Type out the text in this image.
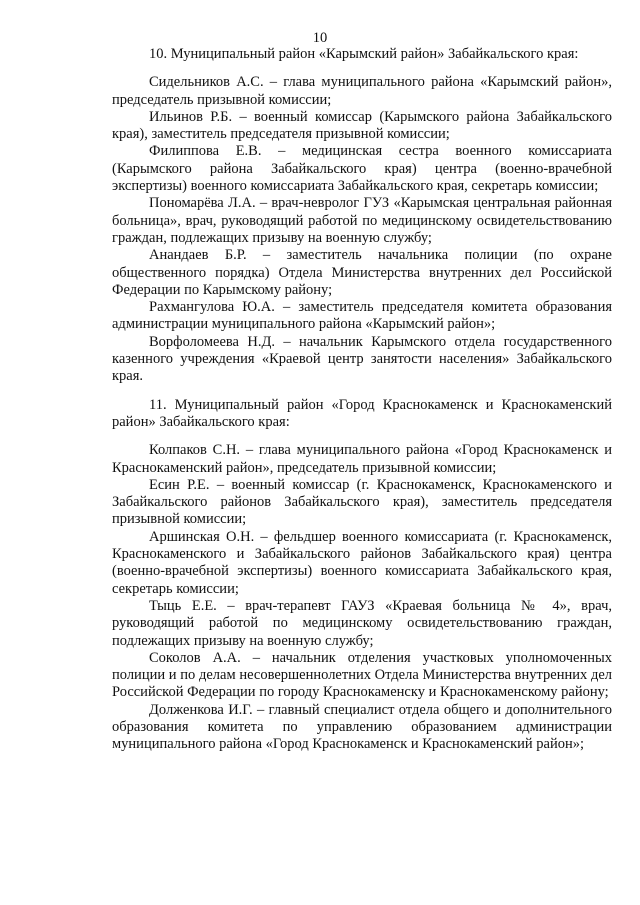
10

10. Муниципальный район «Карымский район» Забайкальского края:

Сидельников А.С. – глава муниципального района «Карымский район», председатель призывной комиссии;

Ильинов Р.Б. – военный комиссар (Карымского района Забайкальского края), заместитель председателя призывной комиссии;

Филиппова Е.В. – медицинская сестра военного комиссариата (Карымского района Забайкальского края) центра (военно-врачебной экспертизы) военного комиссариата Забайкальского края, секретарь комиссии;

Пономарёва Л.А. – врач-невролог ГУЗ «Карымская центральная районная больница», врач, руководящий работой по медицинскому освидетельствованию граждан, подлежащих призыву на военную службу;

Анандаев Б.Р. – заместитель начальника полиции (по охране общественного порядка) Отдела Министерства внутренних дел Российской Федерации по Карымскому району;

Рахмангулова Ю.А. – заместитель председателя комитета образования администрации муниципального района «Карымский район»;

Ворфоломеева Н.Д. – начальник Карымского отдела государственного казенного учреждения «Краевой центр занятости населения» Забайкальского края.

11. Муниципальный район «Город Краснокаменск и Краснокаменский район» Забайкальского края:

Колпаков С.Н. – глава муниципального района «Город Краснокаменск и Краснокаменский район», председатель призывной комиссии;

Есин Р.Е. – военный комиссар (г. Краснокаменск, Краснокаменского и Забайкальского районов Забайкальского края), заместитель председателя призывной комиссии;

Аршинская О.Н. – фельдшер военного комиссариата (г. Краснокаменск, Краснокаменского и Забайкальского районов Забайкальского края) центра (военно-врачебной экспертизы) военного комиссариата Забайкальского края, секретарь комиссии;

Тыць Е.Е. – врач-терапевт ГАУЗ «Краевая больница № 4», врач, руководящий работой по медицинскому освидетельствованию граждан, подлежащих призыву на военную службу;

Соколов А.А. – начальник отделения участковых уполномоченных полиции и по делам несовершеннолетних Отдела Министерства внутренних дел Российской Федерации по городу Краснокаменску и Краснокаменскому району;

Долженкова И.Г. – главный специалист отдела общего и дополнительного образования комитета по управлению образованием администрации муниципального района «Город Краснокаменск и Краснокаменский район»;
